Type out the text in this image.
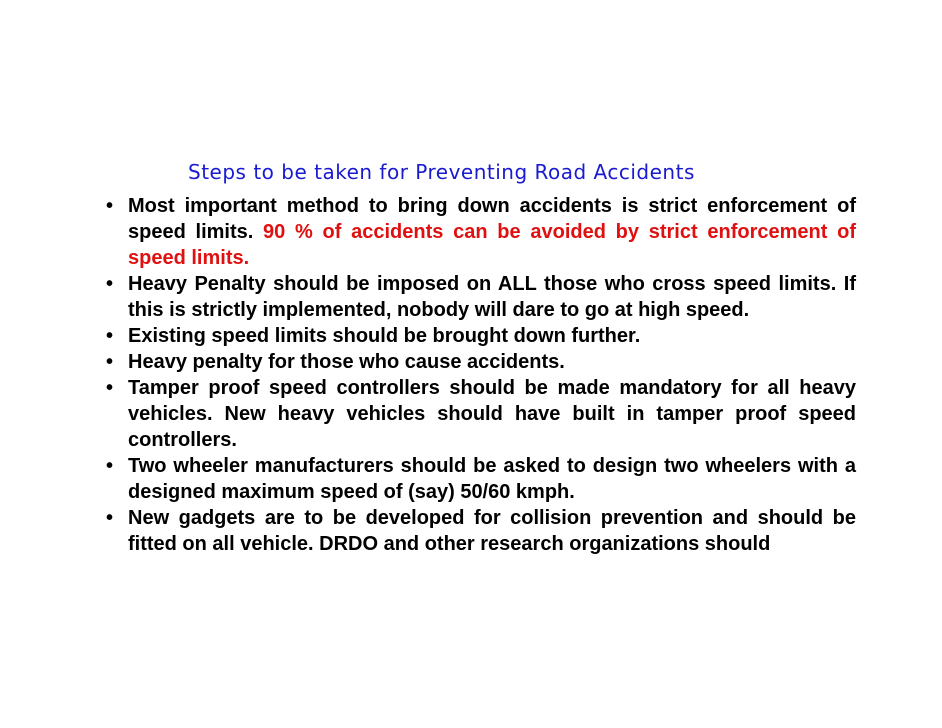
Steps to be taken for Preventing Road Accidents
• Most important method to bring down accidents is strict enforcement of speed limits. 90 % of accidents can be avoided by strict enforcement of speed limits.
• Heavy Penalty should be imposed on ALL those who cross speed limits. If this is strictly implemented, nobody will dare to go at high speed.
• Existing speed limits should be brought down further.
• Heavy penalty for those who cause accidents.
• Tamper proof speed controllers should be made mandatory for all heavy vehicles. New heavy vehicles should have built in tamper proof speed controllers.
• Two wheeler manufacturers should be asked to design two wheelers with a designed maximum speed of (say) 50/60 kmph.
• New gadgets are to be developed for collision prevention and should be fitted on all vehicle. DRDO and other research organizations should
